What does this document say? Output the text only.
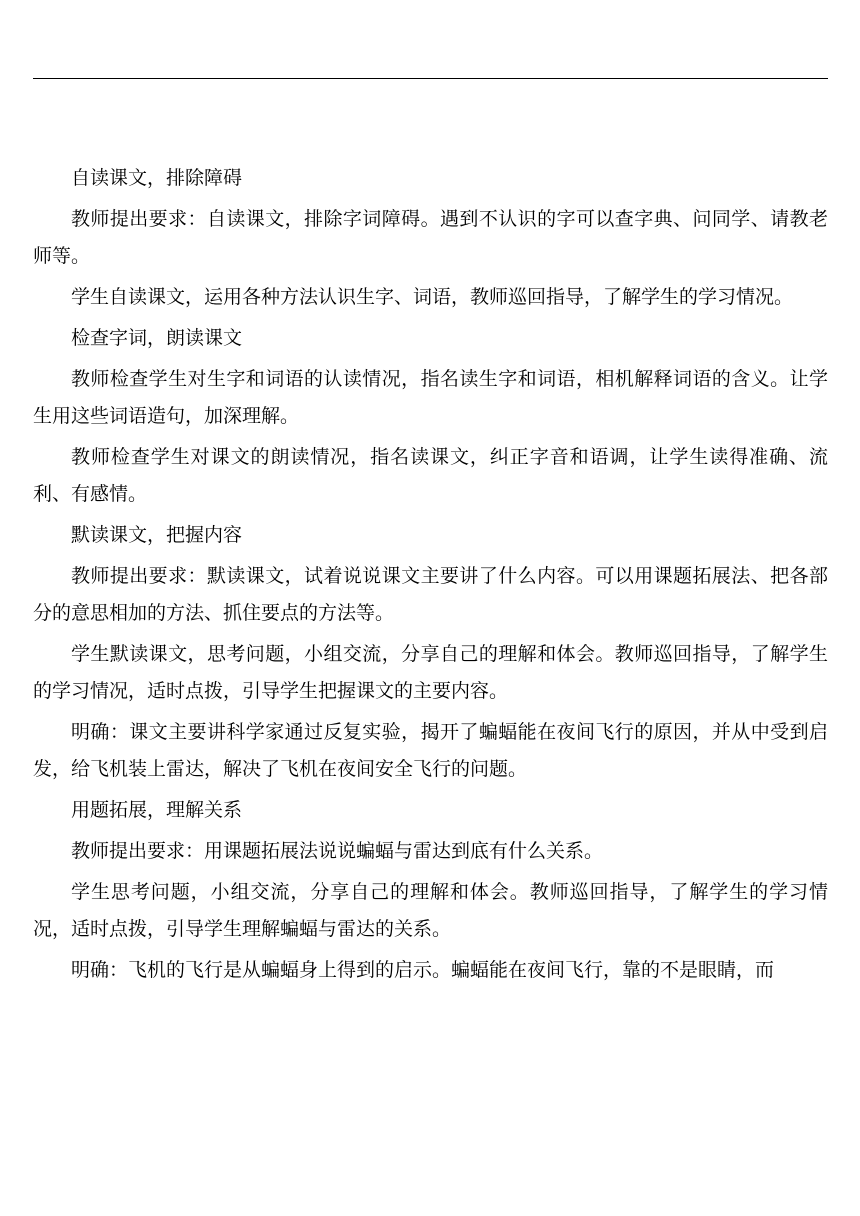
自读课文，排除障碍

教师提出要求：自读课文，排除字词障碍。遇到不认识的字可以查字典、问同学、请教老师等。

学生自读课文，运用各种方法认识生字、词语，教师巡回指导，了解学生的学习情况。

检查字词，朗读课文

教师检查学生对生字和词语的认读情况，指名读生字和词语，相机解释词语的含义。让学生用这些词语造句，加深理解。

教师检查学生对课文的朗读情况，指名读课文，纠正字音和语调，让学生读得准确、流利、有感情。

默读课文，把握内容

教师提出要求：默读课文，试着说说课文主要讲了什么内容。可以用课题拓展法、把各部分的意思相加的方法、抓住要点的方法等。

学生默读课文，思考问题，小组交流，分享自己的理解和体会。教师巡回指导，了解学生的学习情况，适时点拨，引导学生把握课文的主要内容。

明确：课文主要讲科学家通过反复实验，揭开了蝙蝠能在夜间飞行的原因，并从中受到启发，给飞机装上雷达，解决了飞机在夜间安全飞行的问题。

用题拓展，理解关系

教师提出要求：用课题拓展法说说蝙蝠与雷达到底有什么关系。

学生思考问题，小组交流，分享自己的理解和体会。教师巡回指导，了解学生的学习情况，适时点拨，引导学生理解蝙蝠与雷达的关系。

明确：飞机的飞行是从蝙蝠身上得到的启示。蝙蝠能在夜间飞行，靠的不是眼睛，而
